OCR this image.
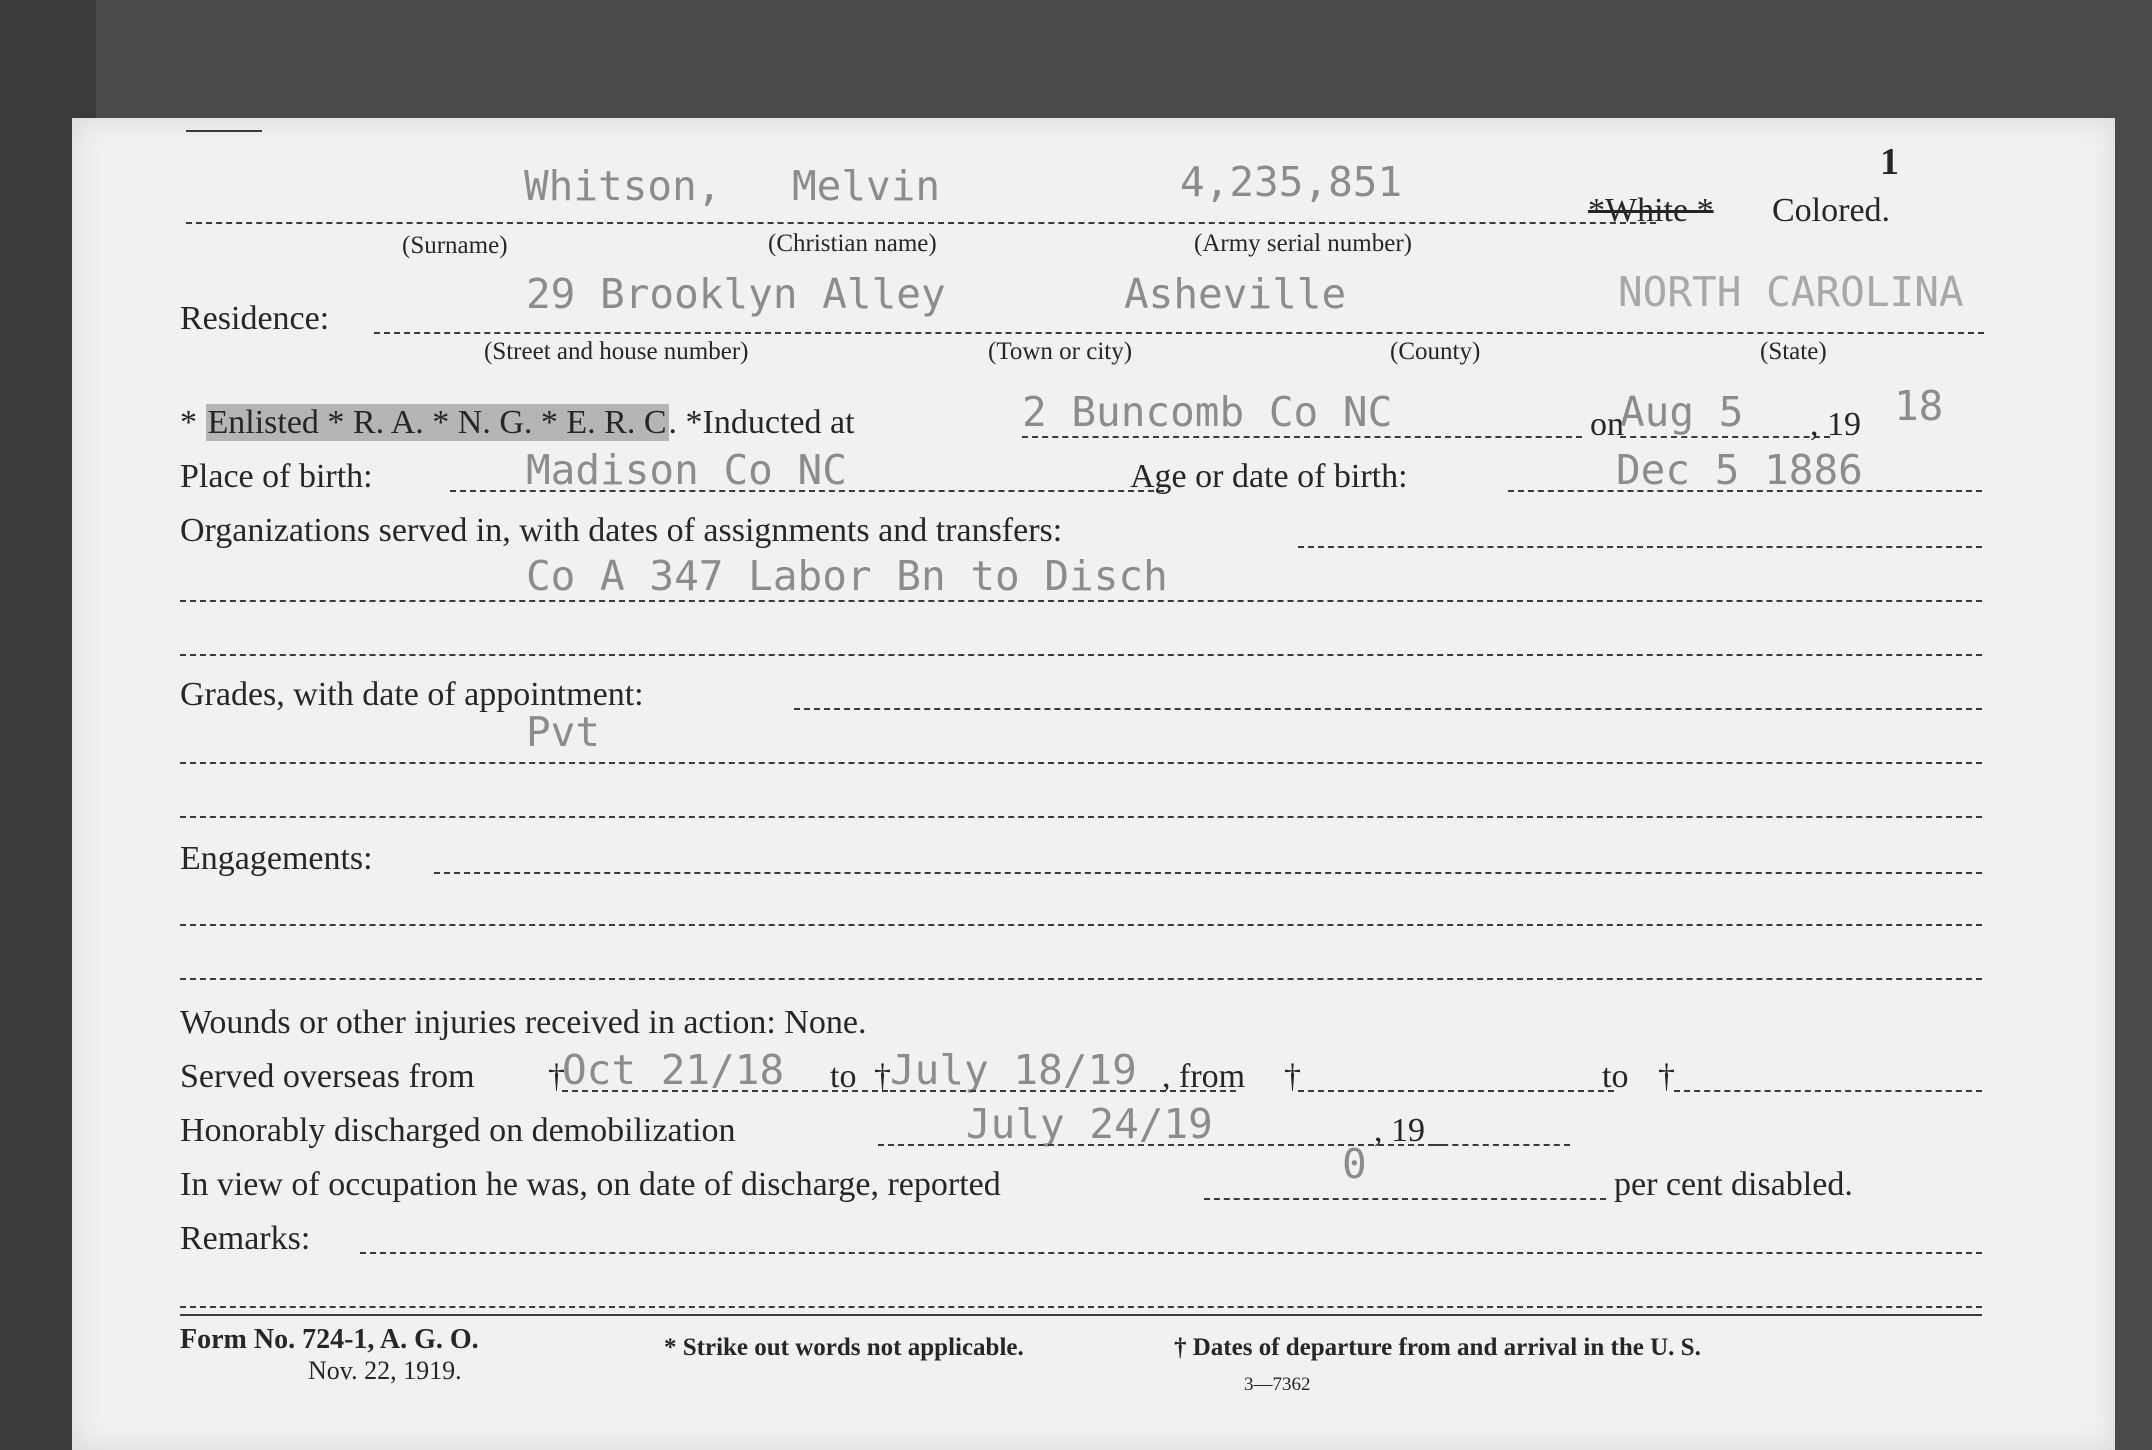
1
Whitson, Melvin	4,235,851
*White * Colored.
(Surname)	(Christian name)	(Army serial number)
Residence:
29 Brooklyn Alley	Asheville	NORTH CAROLINA
(Street and house number)	(Town or city)	(County)	(State)
* Enlisted * R. A. * N. G. * E. R. C. *Inducted at	2 Buncomb Co NC	on
Aug 5 , 19 18
Place of birth:	Madison Co NC	Age or date of birth:	Dec 5 1886
Organizations served in, with dates of assignments and transfers:
Co A 347 Labor Bn to Disch
Grades, with date of appointment:
Pvt
Engagements:
Wounds or other injuries received in action: None.
Served overseas from †
Oct 21/18 to † July 18/19 , from †	to †
Honorably discharged on demobilization	July 24/19	, 19
In view of occupation he was, on date of discharge, reported	0	per cent disabled.
Remarks:
Form No. 724-1, A. G. O.
Nov. 22, 1919.
* Strike out words not applicable.	† Dates of departure from and arrival in the U. S.
3—7362
